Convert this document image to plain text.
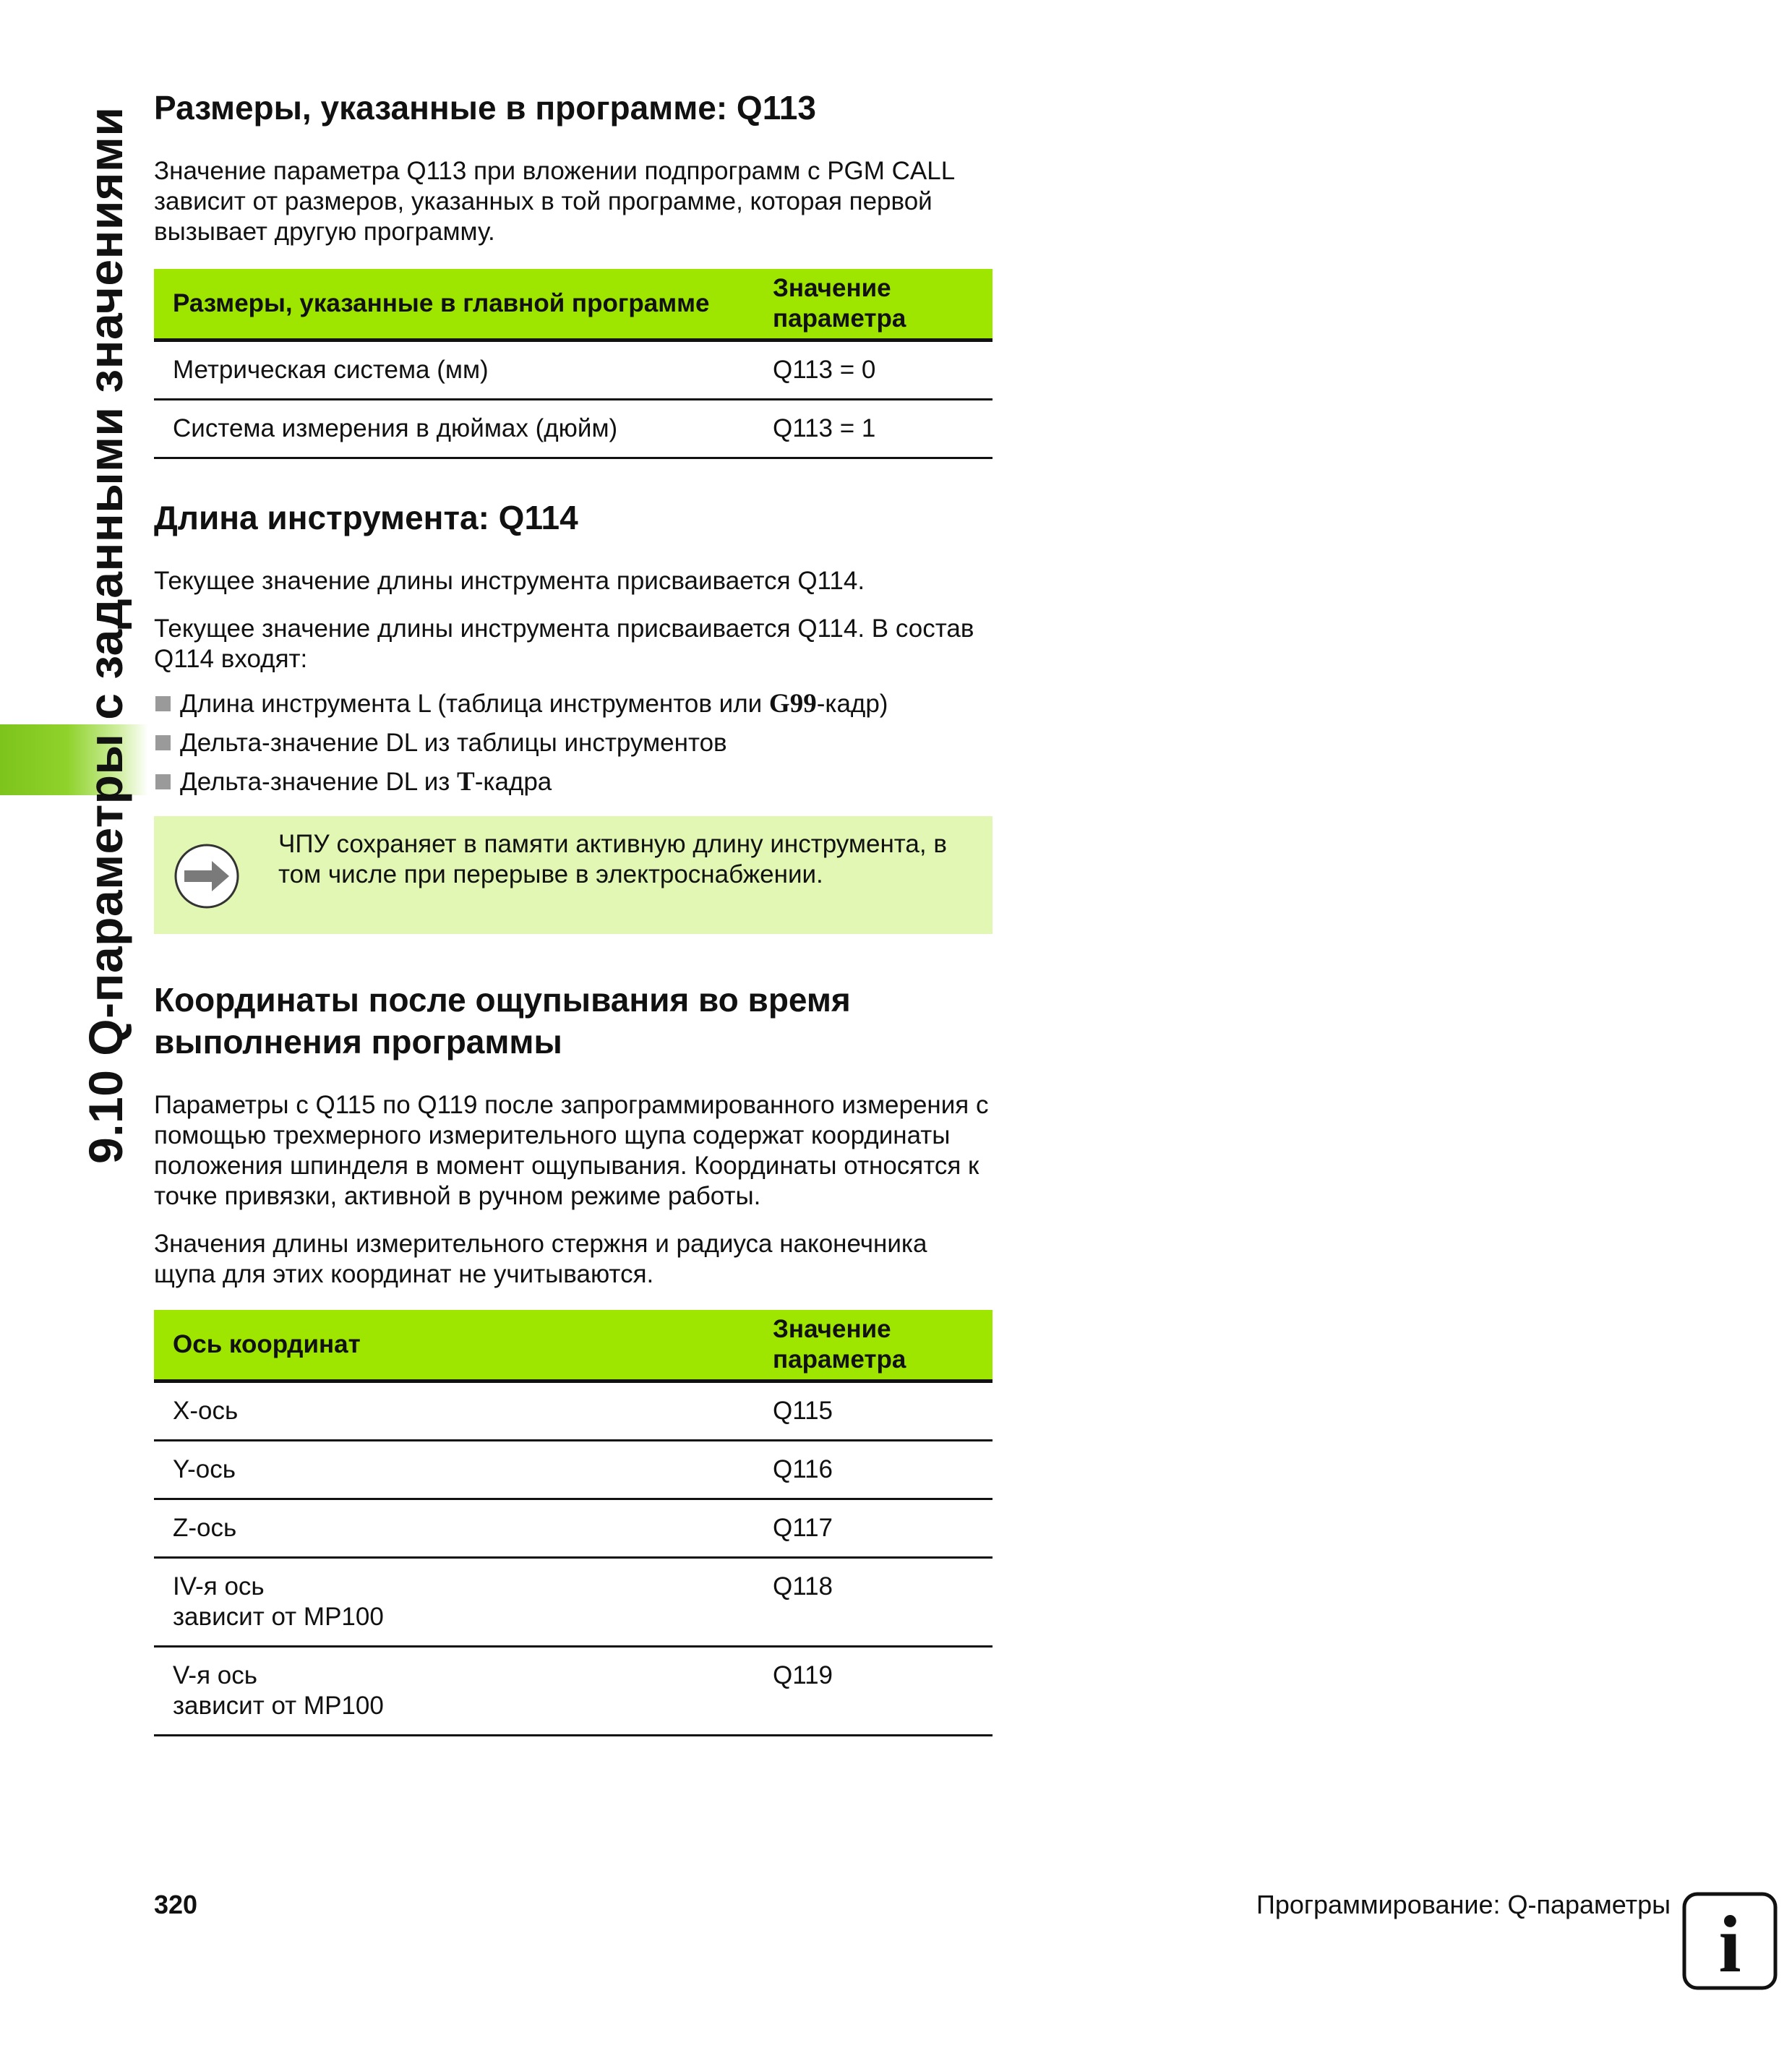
9.10 Q-параметры с заданными значениями Размеры, указанные в программе: Q113

Значение параметра Q113 при вложении подпрограмм с PGM CALL зависит от размеров, указанных в той программе, которая первой вызывает другую программу.

Размеры, указанные в главной программе	Значение параметра
Метрическая система (мм)	Q113 = 0
Система измерения в дюймах (дюйм)	Q113 = 1
Длина инструмента: Q114

Текущее значение длины инструмента присваивается Q114.

Текущее значение длины инструмента присваивается Q114. В состав Q114 входят:

Длина инструмента L (таблица инструментов или G99-кадр)
Дельта-значение DL из таблицы инструментов
Дельта-значение DL из T-кадра
ЧПУ сохраняет в памяти активную длину инструмента, в том числе при перерыве в электроснабжении.
Координаты после ощупывания во время
выполнения программы

Параметры с Q115 по Q119 после запрограммированного измерения с помощью трехмерного измерительного щупа содержат координаты положения шпинделя в момент ощупывания. Координаты относятся к точке привязки, активной в ручном режиме работы.

Значения длины измерительного стержня и радиуса наконечника щупа для этих координат не учитываются.

Ось координат	Значение параметра
X-ось	Q115
Y-ось	Q116
Z-ось	Q117
IV-я ось
зависит от MP100	Q118
V-я ось
зависит от MP100	Q119
320	Программирование: Q-параметры i
